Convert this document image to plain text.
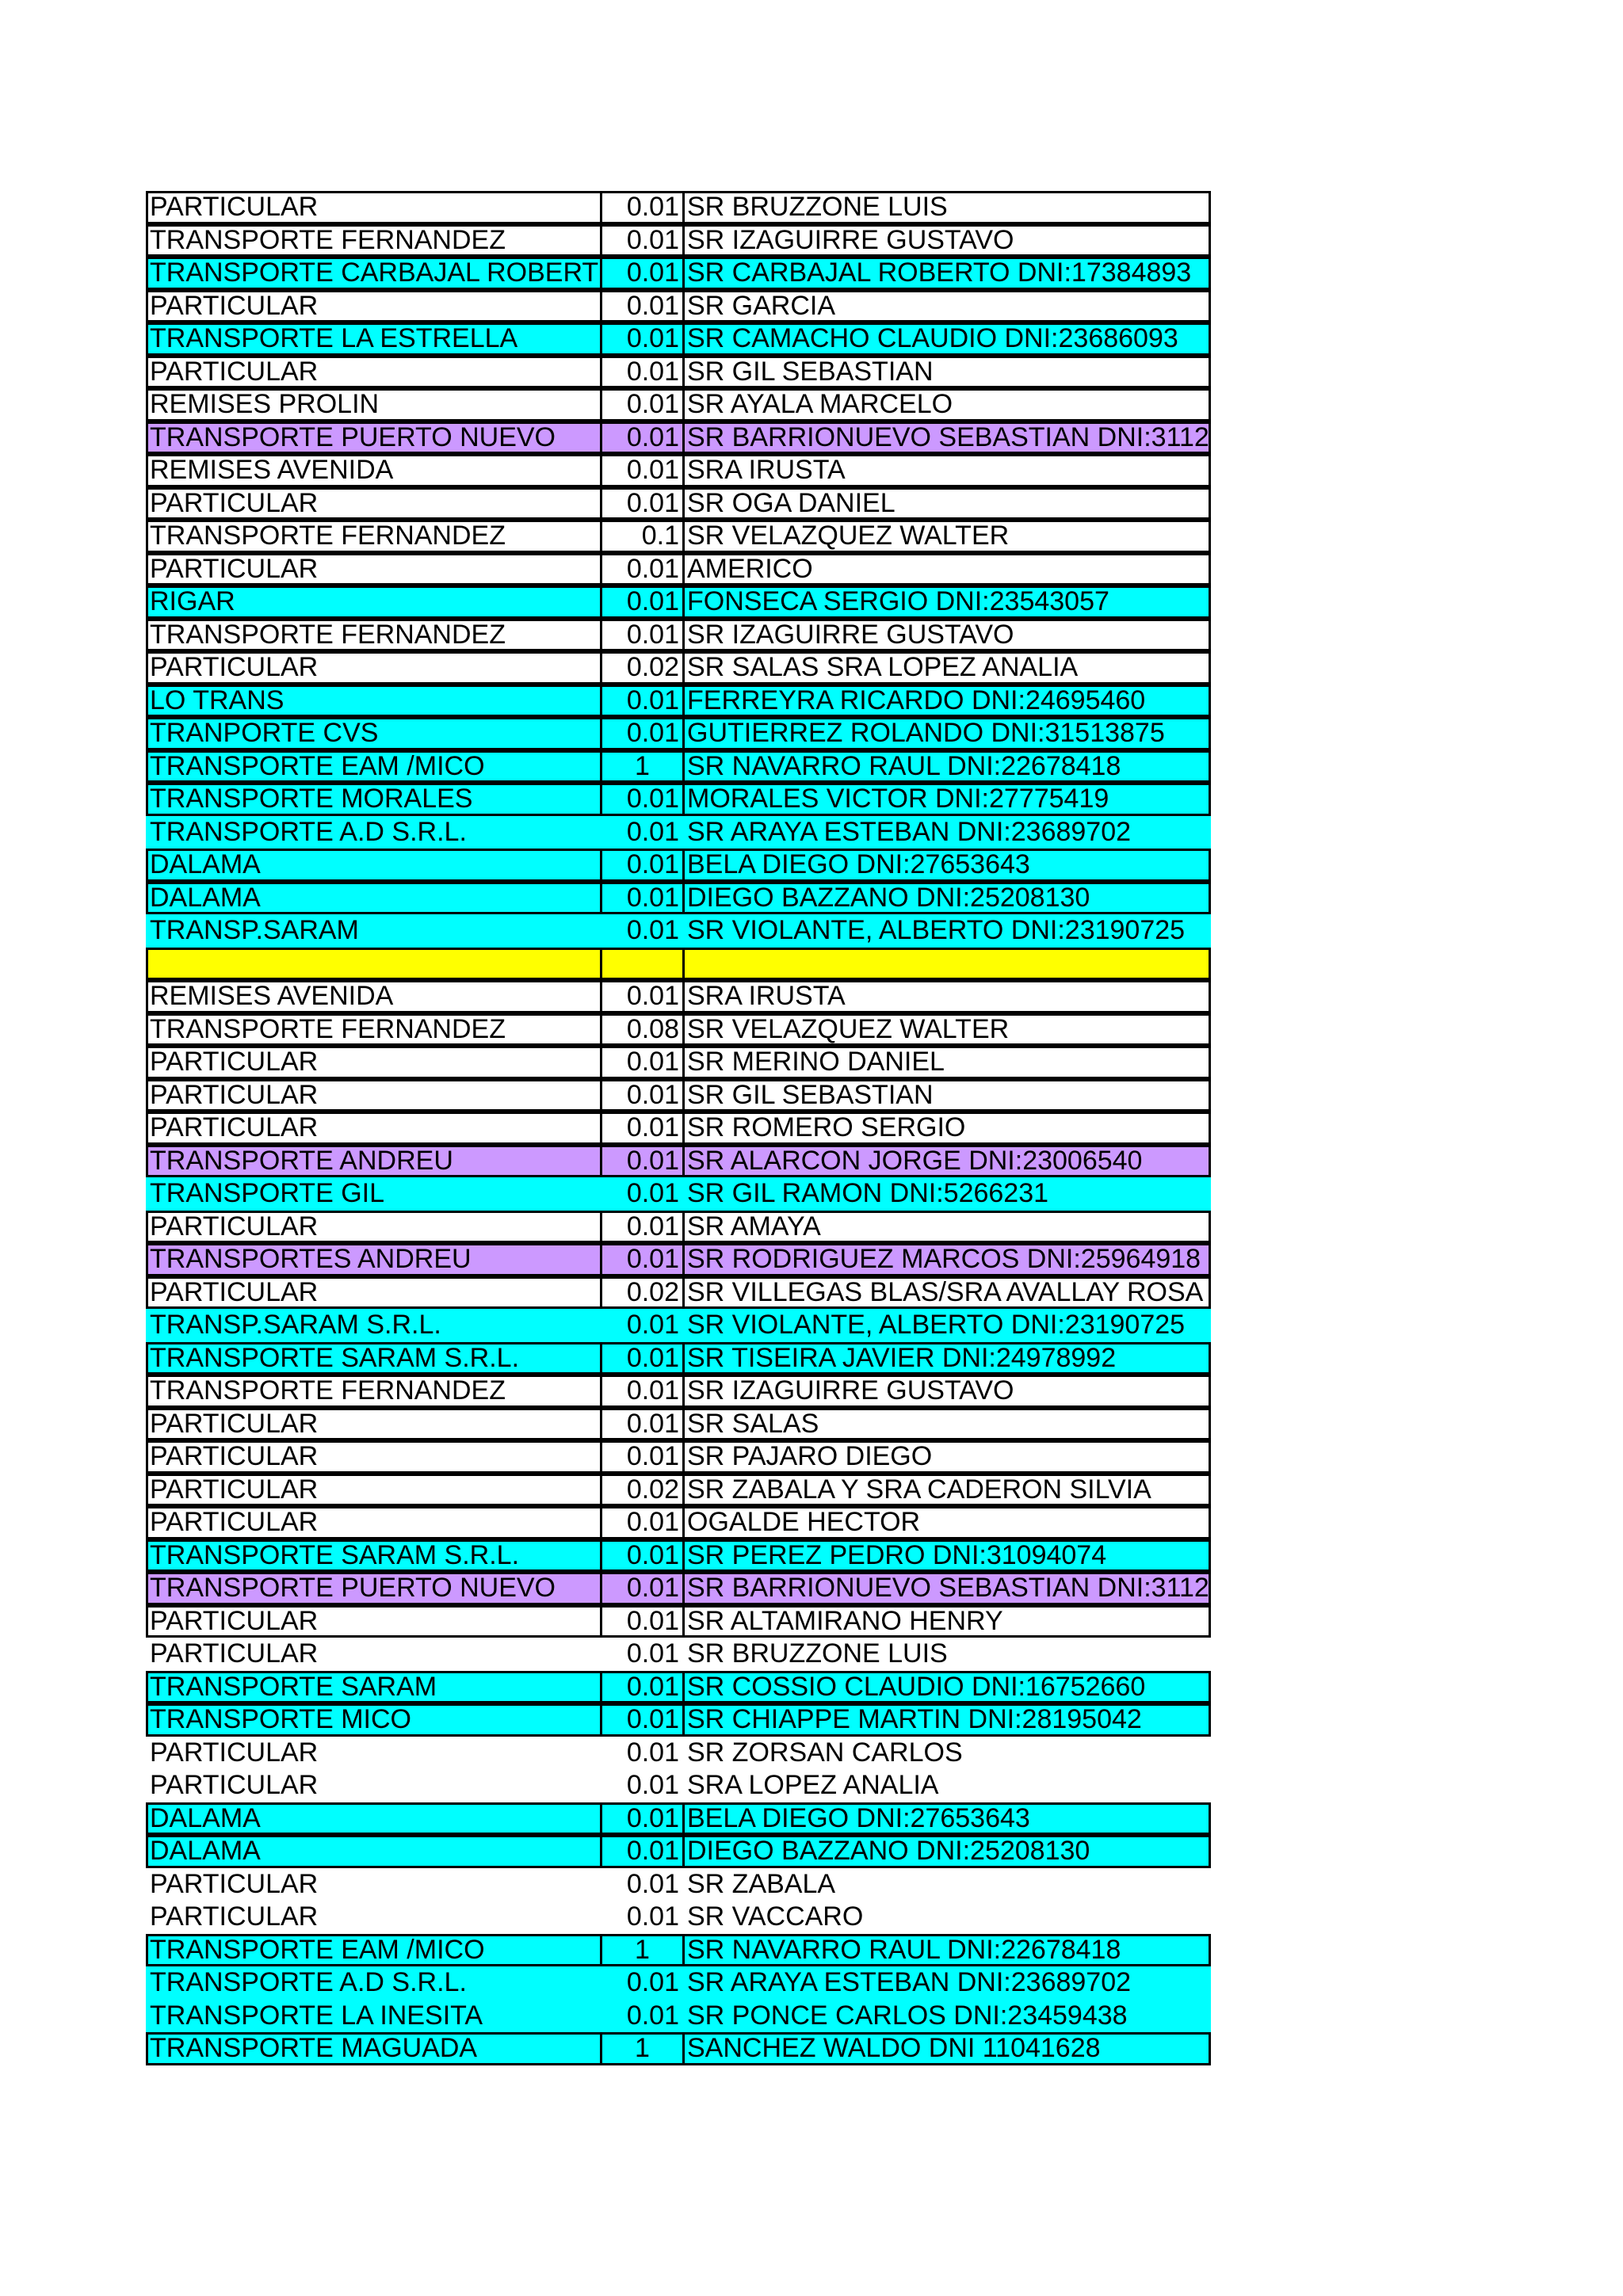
PARTICULAR	0.01 SR BRUZZONE LUIS
TRANSPORTE FERNANDEZ	0.01 SR IZAGUIRRE GUSTAVO
TRANSPORTE CARBAJAL ROBERT	0.01 SR CARBAJAL ROBERTO DNI:17384893
PARTICULAR	0.01 SR GARCIA
TRANSPORTE LA ESTRELLA	0.01 SR CAMACHO CLAUDIO DNI:23686093
PARTICULAR	0.01 SR GIL SEBASTIAN
REMISES PROLIN	0.01 SR AYALA MARCELO
TRANSPORTE PUERTO NUEVO	0.01 SR BARRIONUEVO SEBASTIAN DNI:3112
REMISES AVENIDA	0.01 SRA IRUSTA
PARTICULAR	0.01 SR OGA DANIEL
TRANSPORTE FERNANDEZ	0.1 SR VELAZQUEZ WALTER
PARTICULAR	0.01 AMERICO
RIGAR	0.01 FONSECA SERGIO DNI:23543057
TRANSPORTE FERNANDEZ	0.01 SR IZAGUIRRE GUSTAVO
PARTICULAR	0.02 SR SALAS SRA LOPEZ ANALIA
LO TRANS	0.01 FERREYRA RICARDO DNI:24695460
TRANPORTE CVS	0.01 GUTIERREZ ROLANDO DNI:31513875
TRANSPORTE EAM /MICO	1	SR NAVARRO RAUL DNI:22678418
TRANSPORTE MORALES	0.01 MORALES VICTOR DNI:27775419
TRANSPORTE A.D S.R.L.	0.01 SR ARAYA ESTEBAN DNI:23689702
DALAMA	0.01 BELA DIEGO DNI:27653643
DALAMA	0.01 DIEGO BAZZANO DNI:25208130
TRANSP.SARAM	0.01 SR VIOLANTE, ALBERTO DNI:23190725
REMISES AVENIDA	0.01 SRA IRUSTA
TRANSPORTE FERNANDEZ	0.08 SR VELAZQUEZ WALTER
PARTICULAR	0.01 SR MERINO DANIEL
PARTICULAR	0.01 SR GIL SEBASTIAN
PARTICULAR	0.01 SR ROMERO SERGIO
TRANSPORTE ANDREU	0.01 SR ALARCON JORGE DNI:23006540
TRANSPORTE GIL	0.01 SR GIL RAMON DNI:5266231
PARTICULAR	0.01 SR AMAYA
TRANSPORTES ANDREU	0.01 SR RODRIGUEZ MARCOS DNI:25964918
PARTICULAR	0.02 SR VILLEGAS BLAS/SRA AVALLAY ROSA
TRANSP.SARAM S.R.L.	0.01 SR VIOLANTE, ALBERTO DNI:23190725
TRANSPORTE SARAM S.R.L.	0.01 SR TISEIRA JAVIER DNI:24978992
TRANSPORTE FERNANDEZ	0.01 SR IZAGUIRRE GUSTAVO
PARTICULAR	0.01 SR SALAS
PARTICULAR	0.01 SR PAJARO DIEGO
PARTICULAR	0.02 SR ZABALA Y SRA CADERON SILVIA
PARTICULAR	0.01 OGALDE HECTOR
TRANSPORTE SARAM S.R.L.	0.01 SR PEREZ PEDRO DNI:31094074
TRANSPORTE PUERTO NUEVO	0.01 SR BARRIONUEVO SEBASTIAN DNI:3112
PARTICULAR	0.01 SR ALTAMIRANO HENRY
PARTICULAR	0.01 SR BRUZZONE LUIS
TRANSPORTE SARAM	0.01 SR COSSIO CLAUDIO DNI:16752660
TRANSPORTE MICO	0.01 SR CHIAPPE MARTIN DNI:28195042
PARTICULAR	0.01 SR ZORSAN CARLOS
PARTICULAR	0.01 SRA LOPEZ ANALIA
DALAMA	0.01 BELA DIEGO DNI:27653643
DALAMA	0.01 DIEGO BAZZANO DNI:25208130
PARTICULAR	0.01 SR ZABALA
PARTICULAR	0.01 SR VACCARO
TRANSPORTE EAM /MICO	1	SR NAVARRO RAUL DNI:22678418
TRANSPORTE A.D S.R.L.	0.01 SR ARAYA ESTEBAN DNI:23689702
TRANSPORTE LA INESITA	0.01 SR PONCE CARLOS DNI:23459438
TRANSPORTE MAGUADA	1	SANCHEZ WALDO DNI 11041628
